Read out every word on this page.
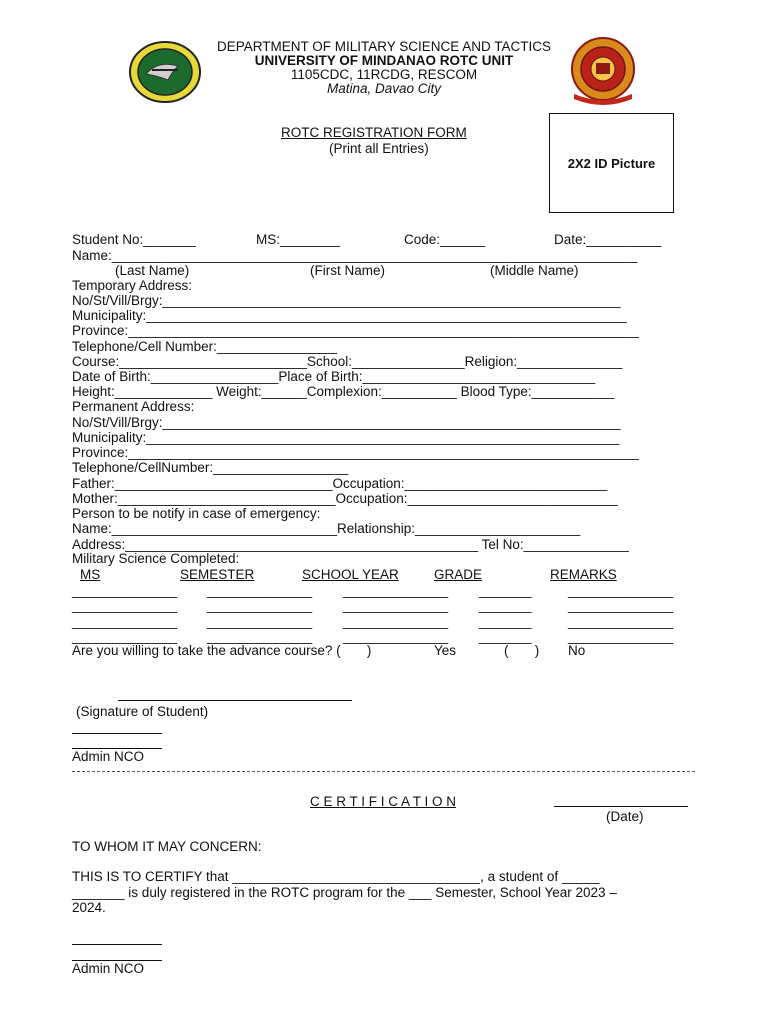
DEPARTMENT OF MILITARY SCIENCE AND TACTICS
UNIVERSITY OF MINDANAO ROTC UNIT
1105CDC, 11RCDG, RESCOM
Matina, Davao City
ROTC REGISTRATION FORM
(Print all Entries)
2X2 ID Picture
Student No:_______	MS:________	Code:______	Date:__________
Name:______________________________________________________________________
(Last Name)	(First Name)	(Middle Name)
Temporary Address:
No/St/Vill/Brgy:_____________________________________________________________
Municipality:________________________________________________________________
Province:____________________________________________________________________
Telephone/Cell Number:________________
Course:_________________________School:_______________Religion:______________
Date of Birth:_________________Place of Birth:_______________________________
Height:_____________ Weight:______Complexion:__________ Blood Type:___________
Permanent Address:
No/St/Vill/Brgy:_____________________________________________________________
Municipality:_______________________________________________________________
Province:____________________________________________________________________
Telephone/CellNumber:__________________
Father:_____________________________Occupation:___________________________
Mother:_____________________________Occupation:____________________________
Person to be notify in case of emergency:
Name:______________________________Relationship:______________________
Address:_______________________________________________ Tel No:______________
Military Science Completed:
MS	SEMESTER	SCHOOL YEAR	GRADE	REMARKS
______________ ______________ ______________ _______	______________
______________ ______________ ______________ _______	______________
______________ ______________ ______________ _______	______________
______________ ______________ ______________ _______	______________
Are you willing to take the advance course? (       )	Yes	(       ) No
(Signature of Student)
Admin NCO
C E R T I F I C A T I O N
(Date)
TO WHOM IT MAY CONCERN:
THIS IS TO CERTIFY that _________________________________, a student of _____
_______ is duly registered in the ROTC program for the ___ Semester, School Year 2023 –
2024.
Admin NCO
